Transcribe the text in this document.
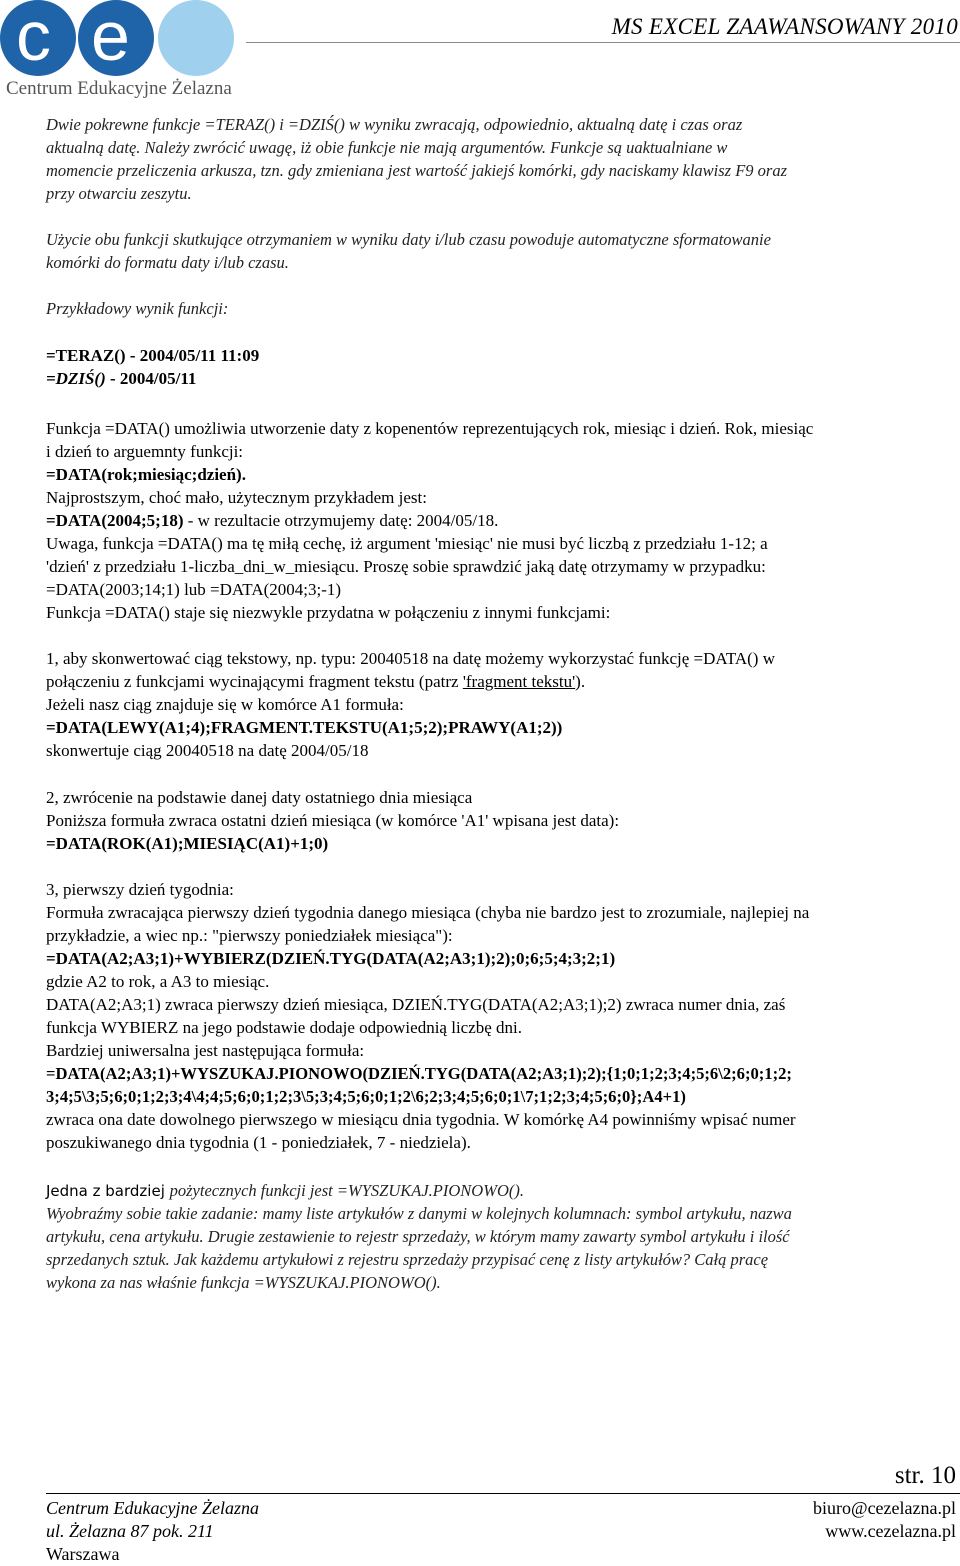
c e
Centrum Edukacyjne Żelazna
MS EXCEL ZAAWANSOWANY 2010

Dwie pokrewne funkcje =TERAZ() i =DZIŚ() w wyniku zwracają, odpowiednio, aktualną datę i czas oraz

aktualną datę. Należy zwrócić uwagę, iż obie funkcje nie mają argumentów. Funkcje są uaktualniane w

momencie przeliczenia arkusza, tzn. gdy zmieniana jest wartość jakiejś komórki, gdy naciskamy klawisz F9 oraz

przy otwarciu zeszytu.

Użycie obu funkcji skutkujące otrzymaniem w wyniku daty i/lub czasu powoduje automatyczne sformatowanie

komórki do formatu daty i/lub czasu.

Przykładowy wynik funkcji:

=TERAZ() - 2004/05/11 11:09

=DZIŚ() - 2004/05/11

Funkcja =DATA() umożliwia utworzenie daty z kopenentów reprezentujących rok, miesiąc i dzień. Rok, miesiąc

i dzień to arguemnty funkcji:

=DATA(rok;miesiąc;dzień).

Najprostszym, choć mało, użytecznym przykładem jest:

=DATA(2004;5;18) - w rezultacie otrzymujemy datę: 2004/05/18.

Uwaga, funkcja =DATA() ma tę miłą cechę, iż argument 'miesiąc' nie musi być liczbą z przedziału 1-12; a

'dzień' z przedziału 1-liczba_dni_w_miesiącu. Proszę sobie sprawdzić jaką datę otrzymamy w przypadku:

=DATA(2003;14;1) lub =DATA(2004;3;-1)

Funkcja =DATA() staje się niezwykle przydatna w połączeniu z innymi funkcjami:

1, aby skonwertować ciąg tekstowy, np. typu: 20040518 na datę możemy wykorzystać funkcję =DATA() w

połączeniu z funkcjami wycinającymi fragment tekstu (patrz 'fragment tekstu').

Jeżeli nasz ciąg znajduje się w komórce A1 formuła:

=DATA(LEWY(A1;4);FRAGMENT.TEKSTU(A1;5;2);PRAWY(A1;2))

skonwertuje ciąg 20040518 na datę 2004/05/18

2, zwrócenie na podstawie danej daty ostatniego dnia miesiąca

Poniższa formuła zwraca ostatni dzień miesiąca (w komórce 'A1' wpisana jest data):

=DATA(ROK(A1);MIESIĄC(A1)+1;0)

3, pierwszy dzień tygodnia:

Formuła zwracająca pierwszy dzień tygodnia danego miesiąca (chyba nie bardzo jest to zrozumiale, najlepiej na

przykładzie, a wiec np.: "pierwszy poniedziałek miesiąca"):

=DATA(A2;A3;1)+WYBIERZ(DZIEŃ.TYG(DATA(A2;A3;1);2);0;6;5;4;3;2;1)

gdzie A2 to rok, a A3 to miesiąc.

DATA(A2;A3;1) zwraca pierwszy dzień miesiąca, DZIEŃ.TYG(DATA(A2;A3;1);2) zwraca numer dnia, zaś

funkcja WYBIERZ na jego podstawie dodaje odpowiednią liczbę dni.

Bardziej uniwersalna jest następująca formuła:

=DATA(A2;A3;1)+WYSZUKAJ.PIONOWO(DZIEŃ.TYG(DATA(A2;A3;1);2);{1;0;1;2;3;4;5;6\2;6;0;1;2;

3;4;5\3;5;6;0;1;2;3;4\4;4;5;6;0;1;2;3\5;3;4;5;6;0;1;2\6;2;3;4;5;6;0;1\7;1;2;3;4;5;6;0};A4+1)

zwraca ona date dowolnego pierwszego w miesiącu dnia tygodnia. W komórkę A4 powinniśmy wpisać numer

poszukiwanego dnia tygodnia (1 - poniedziałek, 7 - niedziela).

Jedna z bardziej pożytecznych funkcji jest =WYSZUKAJ.PIONOWO().

Wyobraźmy sobie takie zadanie: mamy liste artykułów z danymi w kolejnych kolumnach: symbol artykułu, nazwa

artykułu, cena artykułu. Drugie zestawienie to rejestr sprzedaży, w którym mamy zawarty symbol artykułu i ilość

sprzedanych sztuk. Jak każdemu artykułowi z rejestru sprzedaży przypisać cenę z listy artykułów? Całą pracę

wykona za nas właśnie funkcja =WYSZUKAJ.PIONOWO().

str. 10
Centrum Edukacyjne Żelazna
ul. Żelazna 87 pok. 211
Warszawa
biuro@cezelazna.pl
www.cezelazna.pl
